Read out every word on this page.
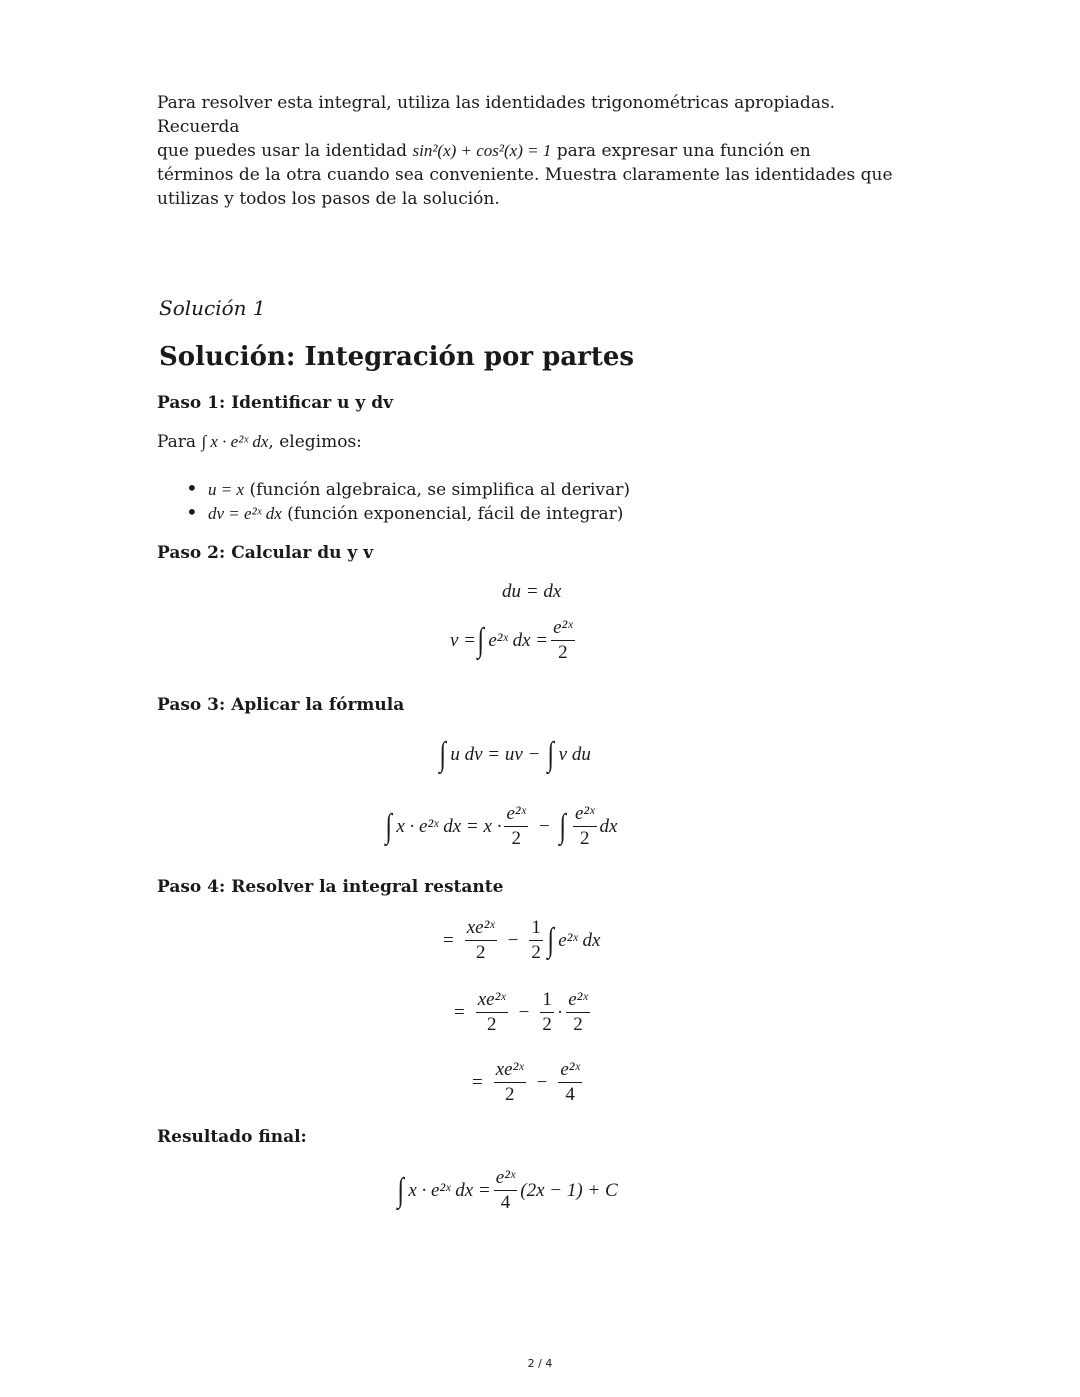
Para resolver esta integral, utiliza las identidades trigonométricas apropiadas. Recuerda

que puedes usar la identidad sin²(x) + cos²(x) = 1 para expresar una función en

términos de la otra cuando sea conveniente. Muestra claramente las identidades que

utilizas y todos los pasos de la solución.

Solución 1
Solución: Integración por partes
Paso 1: Identificar u y dv
Para ∫ x · e²ˣ dx, elegimos:
• u = x (función algebraica, se simplifica al derivar)
• dv = e²ˣ dx (función exponencial, fácil de integrar)
Paso 2: Calcular du y v
du = dx
v = ∫ e²ˣ dx = $\frac{\text{e²ˣ}}{2}$
Paso 3: Aplicar la fórmula
∫ u dv = uv − ∫ v du
∫ x · e²ˣ dx = $x \cdot \frac{\text{e²ˣ}}{2}$ − ∫ $\frac{\text{e²ˣ}}{2}$ dx
Paso 4: Resolver la integral restante
= $\frac{\text{xe²ˣ}}{2} - \frac{1}{2}$ ∫ e²ˣ dx
= $\frac{\text{xe²ˣ}}{2} - \frac{1}{2} \cdot \frac{\text{e²ˣ}}{2}$
= $\frac{\text{xe²ˣ}}{2} - \frac{\text{e²ˣ}}{4}$
Resultado final:
∫ x · e²ˣ dx = $\frac{\text{e²ˣ}}{4} (2x - 1) + C$
2 / 4
